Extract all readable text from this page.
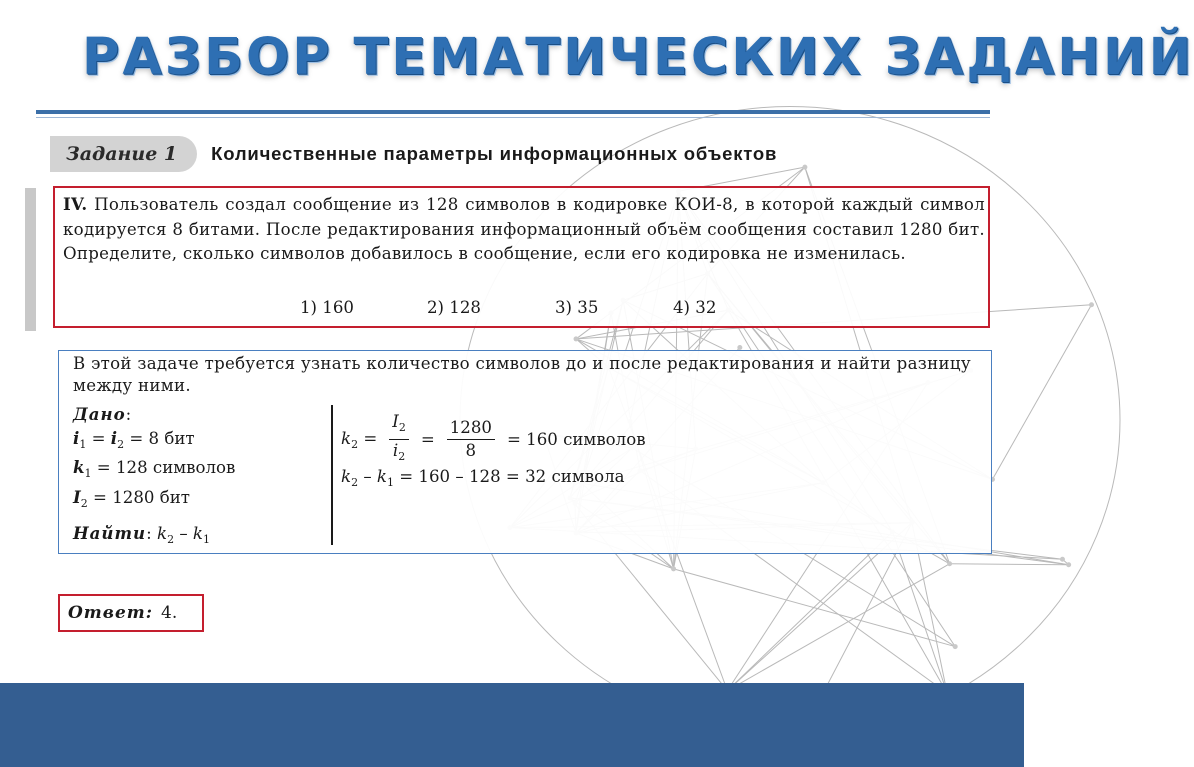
РАЗБОР ТЕМАТИЧЕСКИХ ЗАДАНИЙ
Задание 1	Количественные параметры информационных объектов
IV. Пользователь создал сообщение из 128 символов в кодировке КОИ-8, в которой каждый символ кодируется 8 битами. После редактирования информационный объём сообщения составил 1280 бит. Определите, сколько символов добавилось в сообщение, если его кодировка не изменилась.
1) 160	2) 128	3) 35	4) 32
В этой задаче требуется узнать количество символов до и после редактирования и найти разницу между ними.
Дано:
$i_1 = i_2 = 8$ бит
$k_1 = 128$ символов
$I_2 = 1280$ бит
Найти: $k_2 - k_1$
$k_2 = \frac{I_2}{i_2} = \frac{1280}{8} = 160$ символов
$k_2 - k_1 = 160 - 128 = 32$ символа
Ответ: 4.
